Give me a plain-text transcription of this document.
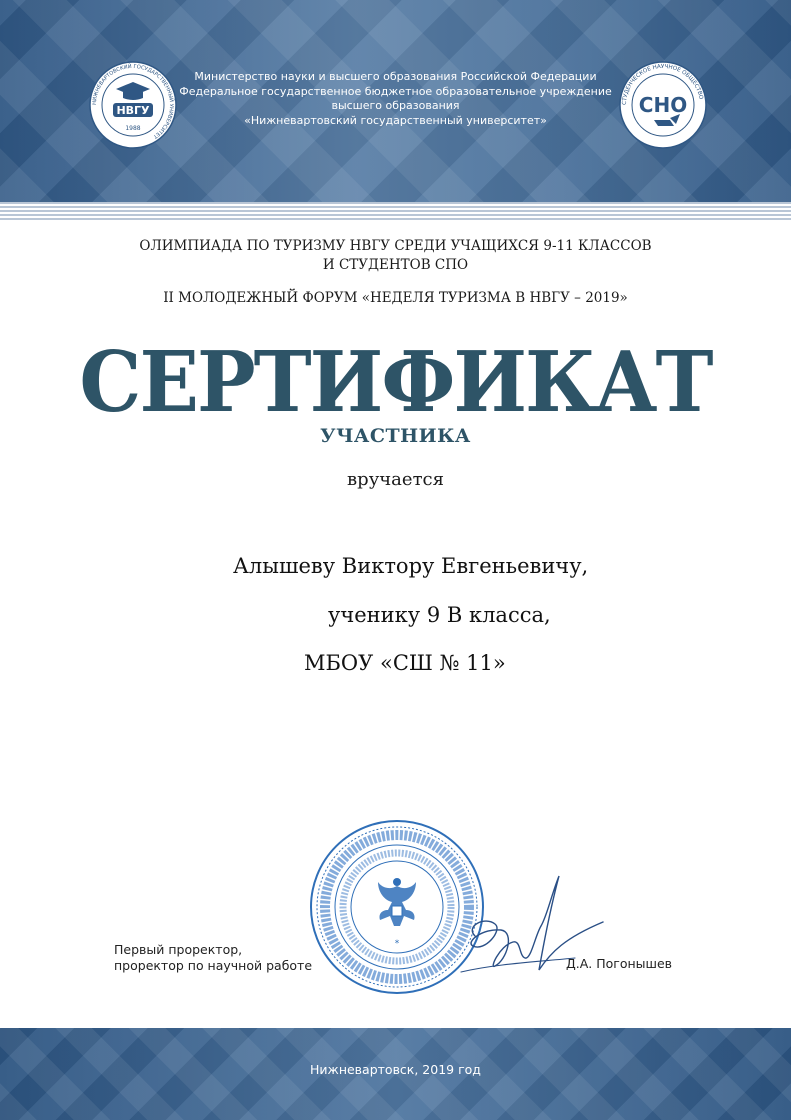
НВГУ
1988
НИЖНЕВАРТОВСКИЙ ГОСУДАРСТВЕННЫЙ УНИВЕРСИТЕТ
Министерство науки и высшего образования Российской Федерации
Федеральное государственное бюджетное образовательное учреждение
высшего образования
«Нижневартовский государственный университет»
СНО
СТУДЕНЧЕСКОЕ НАУЧНОЕ ОБЩЕСТВО
ОЛИМПИАДА ПО ТУРИЗМУ НВГУ СРЕДИ УЧАЩИХСЯ 9-11 КЛАССОВ
И СТУДЕНТОВ СПО
II МОЛОДЕЖНЫЙ ФОРУМ «НЕДЕЛЯ ТУРИЗМА В НВГУ – 2019»
СЕРТИФИКАТ
УЧАСТНИКА
вручается
Алышеву Виктору Евгеньевичу,
ученику 9 В класса,
МБОУ «СШ № 11»
*
Первый проректор,
проректор по научной работе	Д.А. Погонышев
Нижневартовск, 2019 год
